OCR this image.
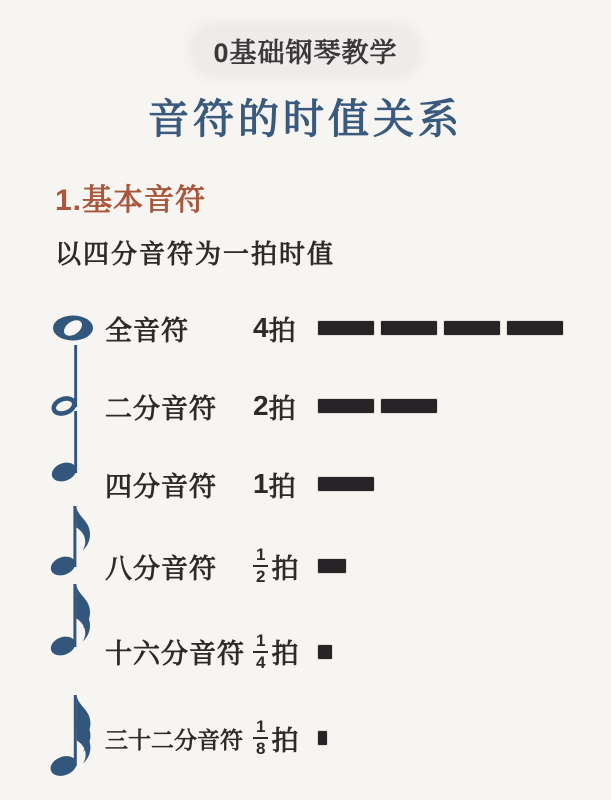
0基础钢琴教学
音符的时值关系
1.基本音符
以四分音符为一拍时值
全音符	4 拍
二分音符	2 拍
四分音符	1 拍
八分音符	$\frac{1}{2}$ 拍
十六分音符 $\frac{1}{4}$ 拍
三十二分音符 $\frac{1}{8}$ 拍
